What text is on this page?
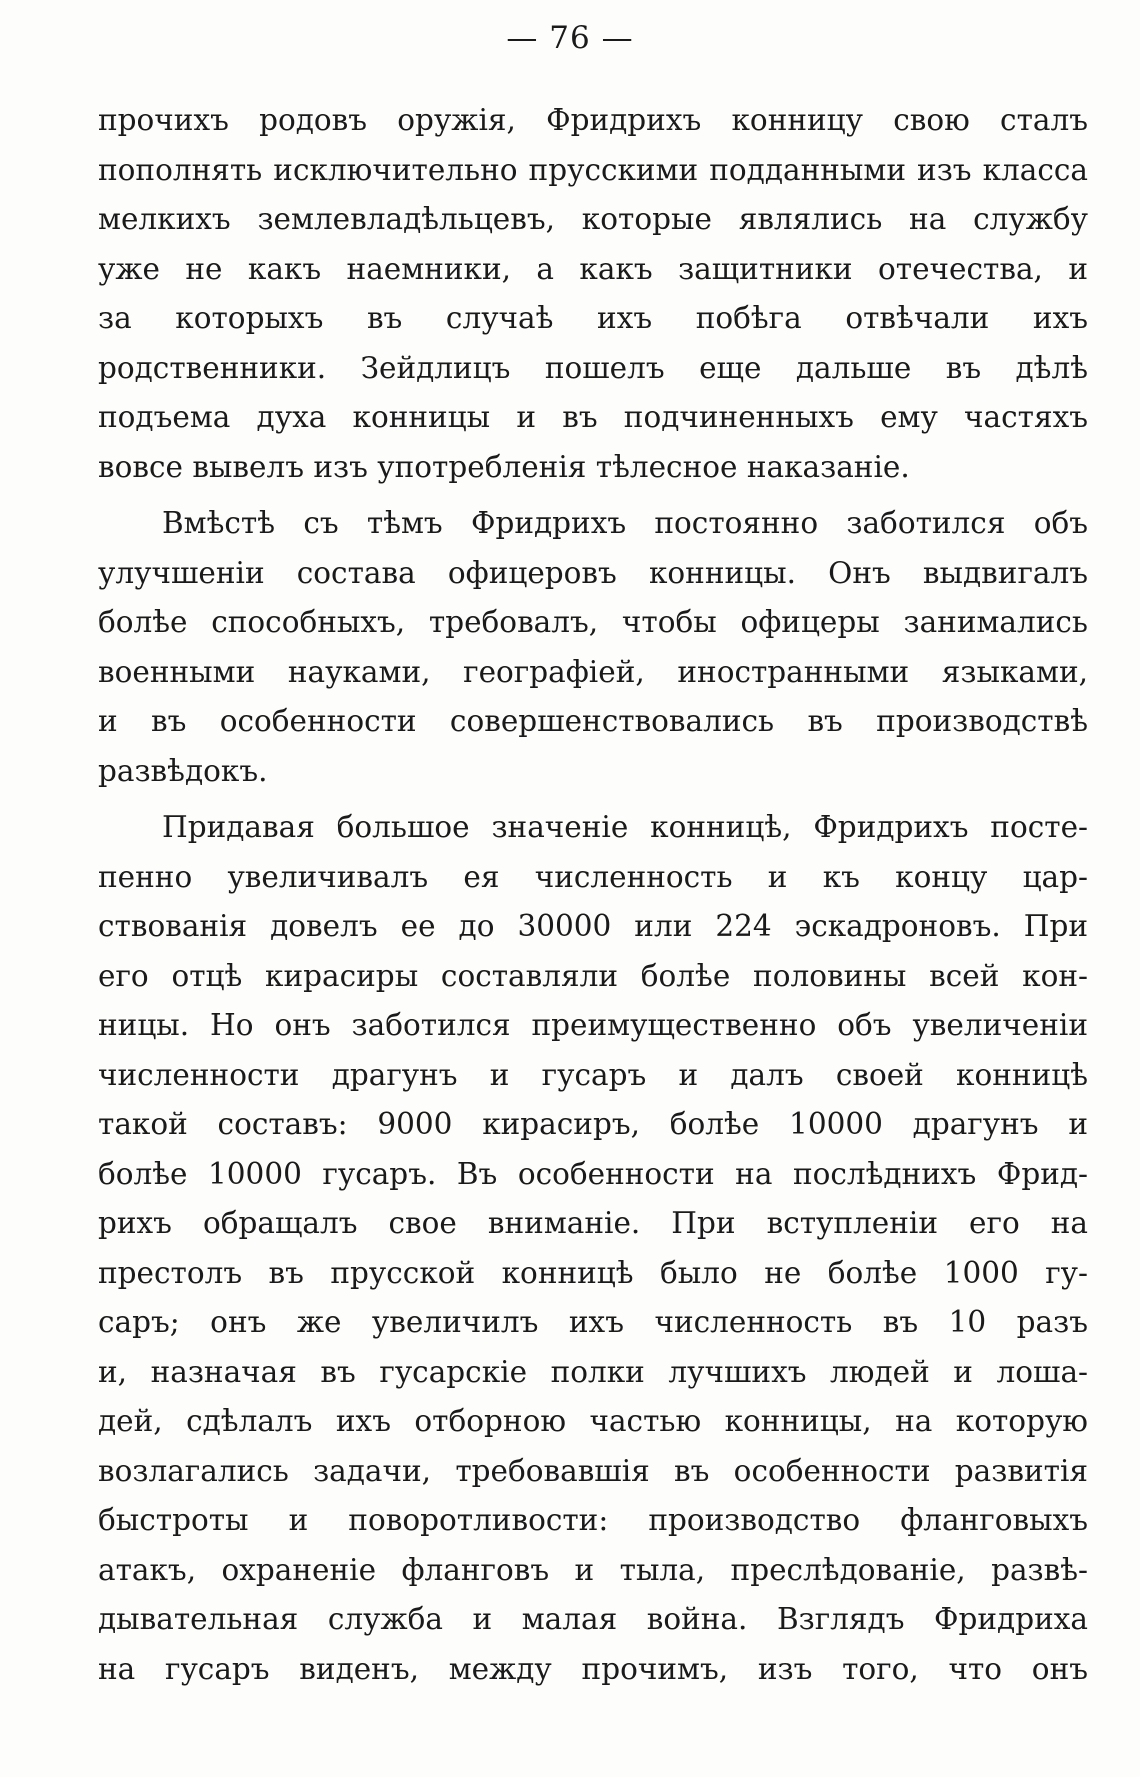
— 76 —
прочихъ родовъ оружія, Фридрихъ конницу свою сталъ
пополнять исключительно прусскими подданными изъ класса
мелкихъ землевладѣльцевъ, которые являлись на службу
уже не какъ наемники, а какъ защитники отечества, и
за которыхъ въ случаѣ ихъ побѣга отвѣчали ихъ
родственники. Зейдлицъ пошелъ еще дальше въ дѣлѣ
подъема духа конницы и въ подчиненныхъ ему частяхъ
вовсе вывелъ изъ употребленія тѣлесное наказаніе.
Вмѣстѣ съ тѣмъ Фридрихъ постоянно заботился объ
улучшеніи состава офицеровъ конницы. Онъ выдвигалъ
болѣе способныхъ, требовалъ, чтобы офицеры занимались
военными науками, географіей, иностранными языками,
и въ особенности совершенствовались въ производствѣ
развѣдокъ.
Придавая большое значеніе конницѣ, Фридрихъ посте-
пенно увеличивалъ ея численность и къ концу цар-
ствованія довелъ ее до 30000 или 224 эскадроновъ. При
его отцѣ кирасиры составляли болѣе половины всей кон-
ницы. Но онъ заботился преимущественно объ увеличеніи
численности драгунъ и гусаръ и далъ своей конницѣ
такой составъ: 9000 кирасиръ, болѣе 10000 драгунъ и
болѣе 10000 гусаръ. Въ особенности на послѣднихъ Фрид-
рихъ обращалъ свое вниманіе. При вступленіи его на
престолъ въ прусской конницѣ было не болѣе 1000 гу-
саръ; онъ же увеличилъ ихъ численность въ 10 разъ
и, назначая въ гусарскіе полки лучшихъ людей и лоша-
дей, сдѣлалъ ихъ отборною частью конницы, на которую
возлагались задачи, требовавшія въ особенности развитія
быстроты и поворотливости: производство фланговыхъ
атакъ, охраненіе фланговъ и тыла, преслѣдованіе, развѣ-
дывательная служба и малая война. Взглядъ Фридриха
на гусаръ виденъ, между прочимъ, изъ того, что онъ
